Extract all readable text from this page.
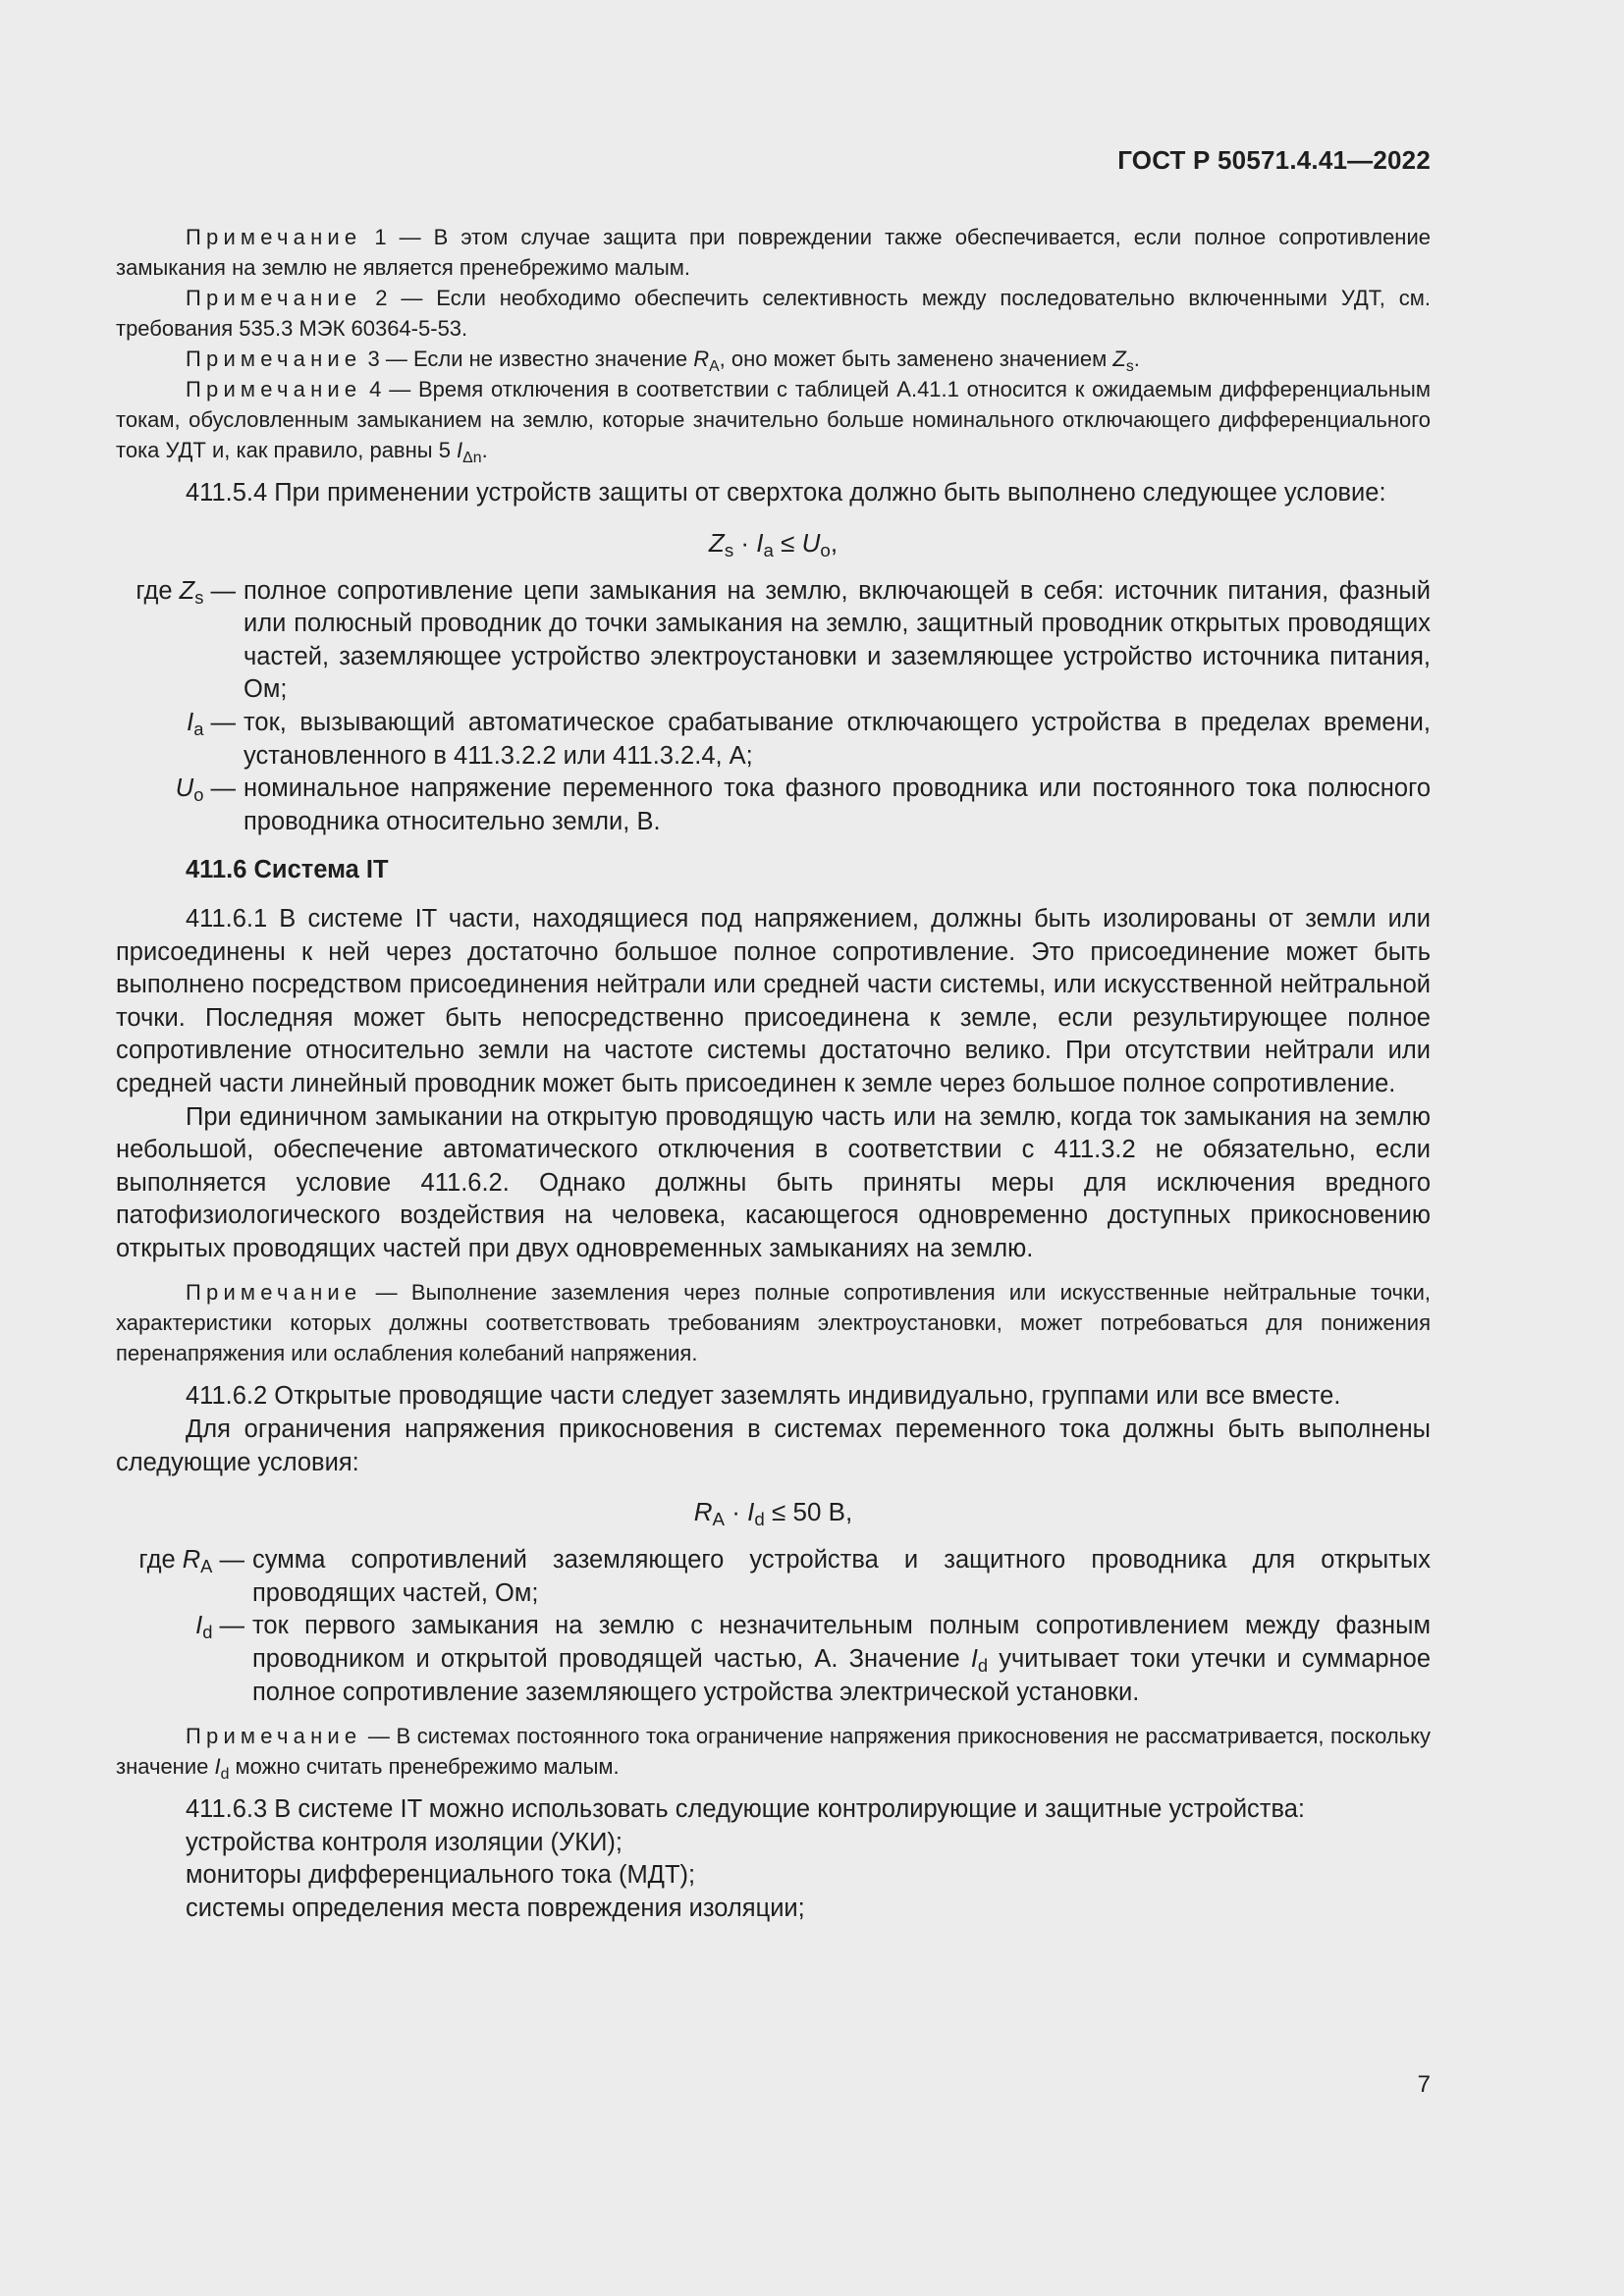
ГОСТ Р 50571.4.41—2022

Примечание 1 — В этом случае защита при повреждении также обеспечивается, если полное сопротивление замыкания на землю не является пренебрежимо малым.

Примечание 2 — Если необходимо обеспечить селективность между последовательно включенными УДТ, см. требования 535.3 МЭК 60364-5-53.

Примечание 3 — Если не известно значение $R_A$, оно может быть заменено значением $Z_s$.

Примечание 4 — Время отключения в соответствии с таблицей А.41.1 относится к ожидаемым дифференциальным токам, обусловленным замыканием на землю, которые значительно больше номинального отключающего дифференциального тока УДТ и, как правило, равны 5 $I_{\Delta n}$.

411.5.4 При применении устройств защиты от сверхтока должно быть выполнено следующее условие:

$Z_s \cdot I_a \le U_o$,

где $Z_s$ — полное сопротивление цепи замыкания на землю, включающей в себя: источник питания, фазный или полюсный проводник до точки замыкания на землю, защитный проводник открытых проводящих частей, заземляющее устройство электроустановки и заземляющее устройство источника питания, Ом;
$I_a$ — ток, вызывающий автоматическое срабатывание отключающего устройства в пределах времени, установленного в 411.3.2.2 или 411.3.2.4, А;
$U_o$ — номинальное напряжение переменного тока фазного проводника или постоянного тока полюсного проводника относительно земли, В.

411.6 Система IT

411.6.1 В системе IT части, находящиеся под напряжением, должны быть изолированы от земли или присоединены к ней через достаточно большое полное сопротивление. Это присоединение может быть выполнено посредством присоединения нейтрали или средней части системы, или искусственной нейтральной точки. Последняя может быть непосредственно присоединена к земле, если результирующее полное сопротивление относительно земли на частоте системы достаточно велико. При отсутствии нейтрали или средней части линейный проводник может быть присоединен к земле через большое полное сопротивление.

При единичном замыкании на открытую проводящую часть или на землю, когда ток замыкания на землю небольшой, обеспечение автоматического отключения в соответствии с 411.3.2 не обязательно, если выполняется условие 411.6.2. Однако должны быть приняты меры для исключения вредного патофизиологического воздействия на человека, касающегося одновременно доступных прикосновению открытых проводящих частей при двух одновременных замыканиях на землю.

Примечание — Выполнение заземления через полные сопротивления или искусственные нейтральные точки, характеристики которых должны соответствовать требованиям электроустановки, может потребоваться для понижения перенапряжения или ослабления колебаний напряжения.

411.6.2 Открытые проводящие части следует заземлять индивидуально, группами или все вместе.

Для ограничения напряжения прикосновения в системах переменного тока должны быть выполнены следующие условия:

$R_A \cdot I_d \le 50$ В,

где $R_A$ — сумма сопротивлений заземляющего устройства и защитного проводника для открытых проводящих частей, Ом;
$I_d$ — ток первого замыкания на землю с незначительным полным сопротивлением между фазным проводником и открытой проводящей частью, А. Значение $I_d$ учитывает токи утечки и суммарное полное сопротивление заземляющего устройства электрической установки.

Примечание — В системах постоянного тока ограничение напряжения прикосновения не рассматривается, поскольку значение $I_d$ можно считать пренебрежимо малым.

411.6.3 В системе IT можно использовать следующие контролирующие и защитные устройства:

устройства контроля изоляции (УКИ);

мониторы дифференциального тока (МДТ);

системы определения места повреждения изоляции;

7
